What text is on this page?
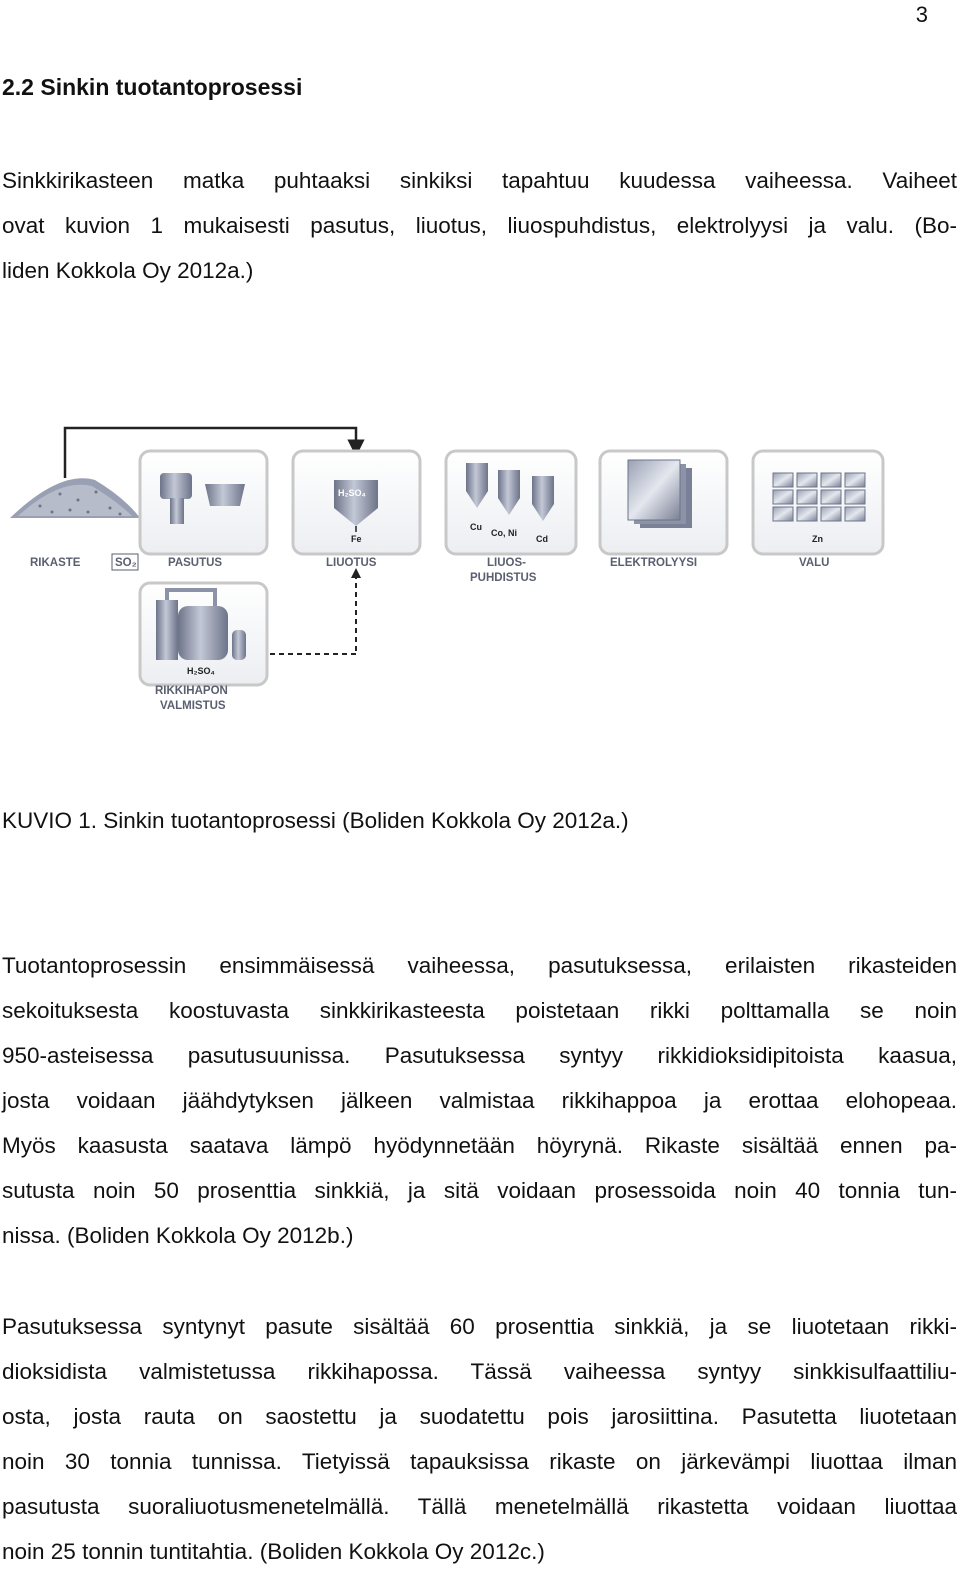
3
2.2 Sinkin tuotantoprosessi

Sinkkirikasteen matka puhtaaksi sinkiksi tapahtuu kuudessa vaiheessa. Vaiheet
ovat kuvion 1 mukaisesti pasutus, liuotus, liuospuhdistus, elektrolyysi ja valu. (Bo-
liden Kokkola Oy 2012a.)

H₂SO₄
Fe
Cu
Co, Ni
Cd	Zn
H₂SO₄
RIKASTE	SO₂	PASUTUS	LIUOTUS	LIUOS-
PUHDISTUS
ELEKTROLYYSI	VALU
RIKKIHAPON
VALMISTUS
KUVIO 1. Sinkin tuotantoprosessi (Boliden Kokkola Oy 2012a.)

Tuotantoprosessin ensimmäisessä vaiheessa, pasutuksessa, erilaisten rikasteiden
sekoituksesta koostuvasta sinkkirikasteesta poistetaan rikki polttamalla se noin
950-asteisessa pasutusuunissa. Pasutuksessa syntyy rikkidioksidipitoista kaasua,
josta voidaan jäähdytyksen jälkeen valmistaa rikkihappoa ja erottaa elohopeaa.
Myös kaasusta saatava lämpö hyödynnetään höyrynä. Rikaste sisältää ennen pa-
sutusta noin 50 prosenttia sinkkiä, ja sitä voidaan prosessoida noin 40 tonnia tun-
nissa. (Boliden Kokkola Oy 2012b.)

Pasutuksessa syntynyt pasute sisältää 60 prosenttia sinkkiä, ja se liuotetaan rikki-
dioksidista valmistetussa rikkihapossa. Tässä vaiheessa syntyy sinkkisulfaattiliu-
osta, josta rauta on saostettu ja suodatettu pois jarosiittina. Pasutetta liuotetaan
noin 30 tonnia tunnissa. Tietyissä tapauksissa rikaste on järkevämpi liuottaa ilman
pasutusta suoraliuotusmenetelmällä. Tällä menetelmällä rikastetta voidaan liuottaa
noin 25 tonnin tuntitahtia. (Boliden Kokkola Oy 2012c.)
